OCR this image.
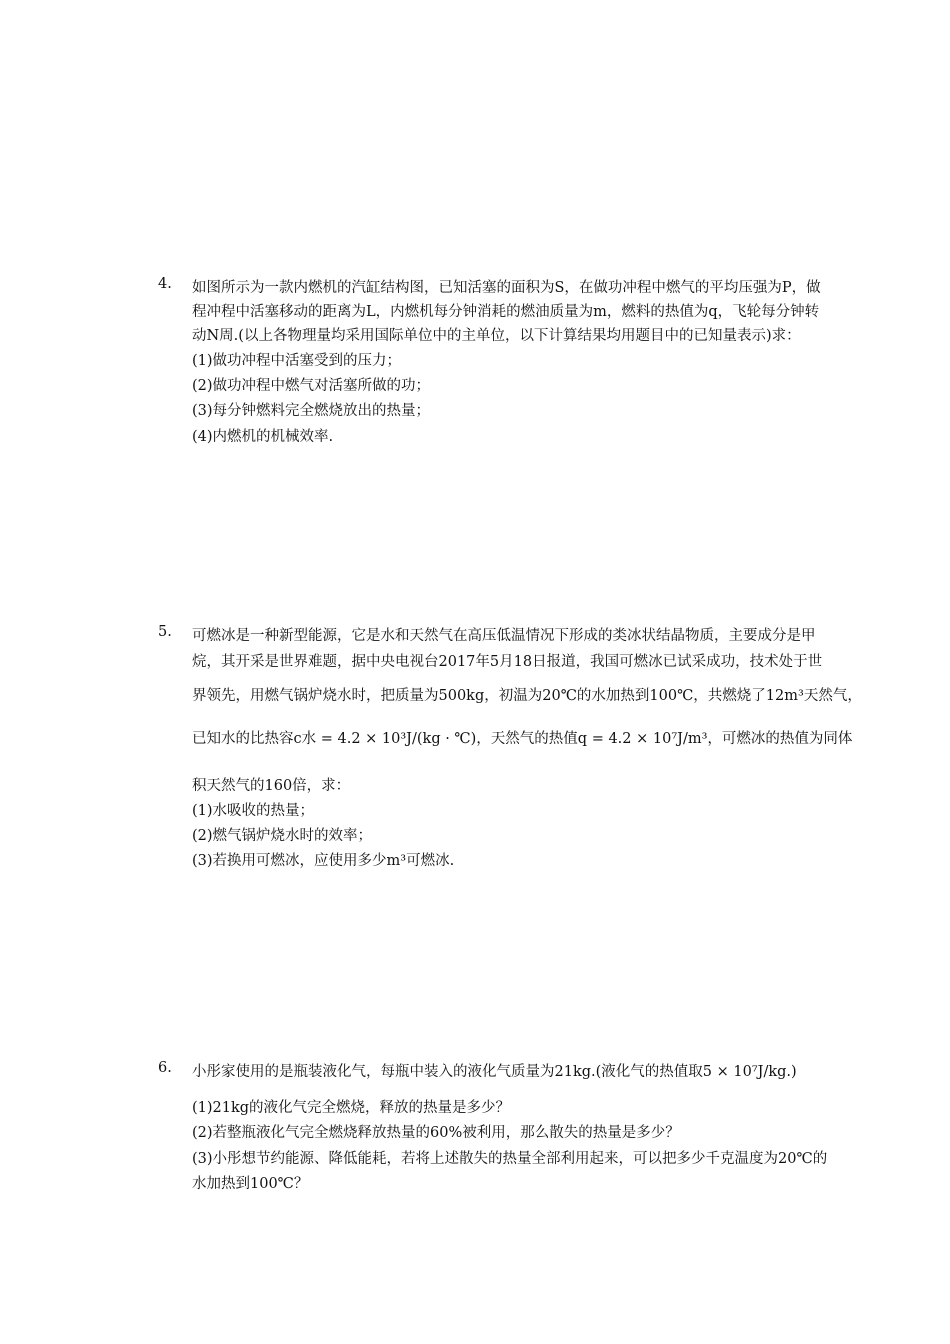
4.	如图所示为一款内燃机的汽缸结构图，已知活塞的面积为S，在做功冲程中燃气的平均压强为P，做
程冲程中活塞移动的距离为L，内燃机每分钟消耗的燃油质量为m，燃料的热值为q，飞轮每分钟转
动N周.(以上各物理量均采用国际单位中的主单位，以下计算结果均用题目中的已知量表示)求：
(1)做功冲程中活塞受到的压力；
(2)做功冲程中燃气对活塞所做的功；
(3)每分钟燃料完全燃烧放出的热量；
(4)内燃机的机械效率.
5.	可燃冰是一种新型能源，它是水和天然气在高压低温情况下形成的类冰状结晶物质，主要成分是甲
烷，其开采是世界难题，据中央电视台2017年5月18日报道，我国可燃冰已试采成功，技术处于世
界领先，用燃气锅炉烧水时，把质量为500kg，初温为20℃的水加热到100℃，共燃烧了12m³天然气，
已知水的比热容c水 = 4.2 × 10³J/(kg · ℃)，天然气的热值q = 4.2 × 10⁷J/m³，可燃冰的热值为同体
积天然气的160倍，求：
(1)水吸收的热量；
(2)燃气锅炉烧水时的效率；
(3)若换用可燃冰，应使用多少m³可燃冰.
6.	小彤家使用的是瓶装液化气，每瓶中装入的液化气质量为21kg.(液化气的热值取5 × 10⁷J/kg.)
(1)21kg的液化气完全燃烧，释放的热量是多少？
(2)若整瓶液化气完全燃烧释放热量的60%被利用，那么散失的热量是多少？
(3)小彤想节约能源、降低能耗，若将上述散失的热量全部利用起来，可以把多少千克温度为20℃的
水加热到100℃？
